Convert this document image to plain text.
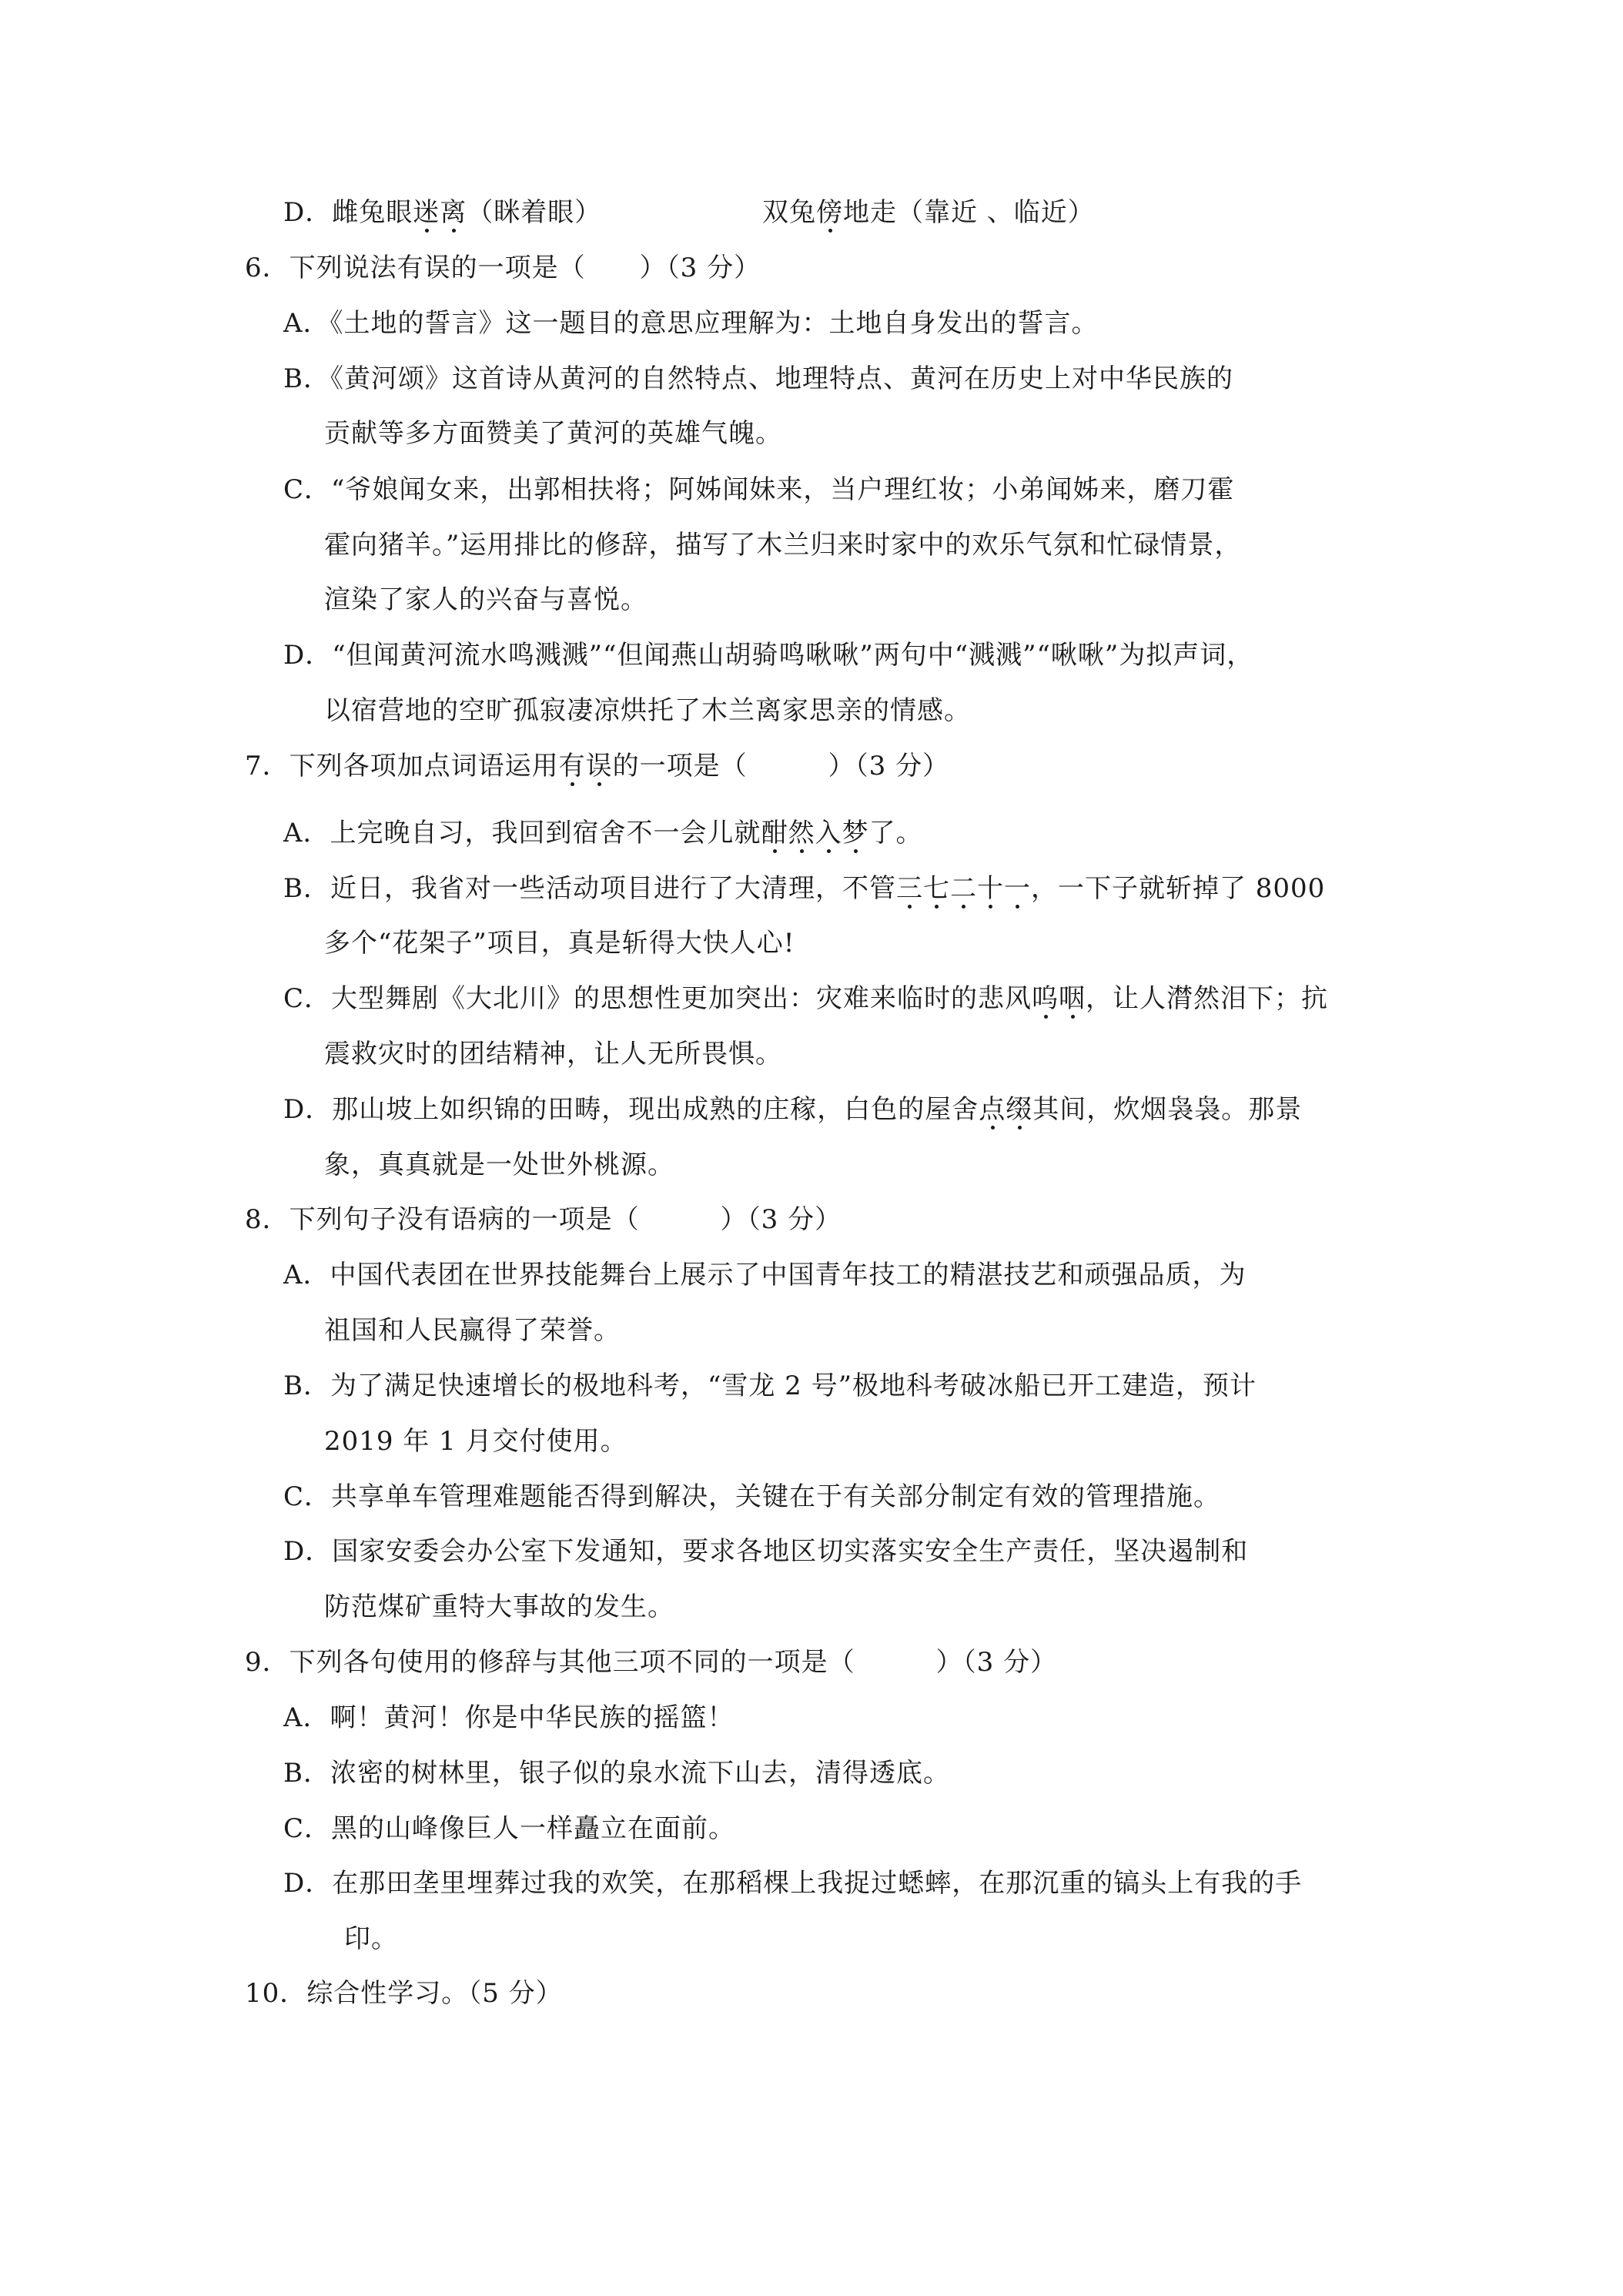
D．雌兔眼迷离（眯着眼）	双兔傍地走（靠近 、临近）
6．下列说法有误的一项是（　　）（3 分）
A．《土地的誓言》这一题目的意思应理解为：土地自身发出的誓言。
B．《黄河颂》这首诗从黄河的自然特点、地理特点、黄河在历史上对中华民族的
贡献等多方面赞美了黄河的英雄气魄。
C．“爷娘闻女来，出郭相扶将；阿姊闻妹来，当户理红妆；小弟闻姊来，磨刀霍
霍向猪羊。”运用排比的修辞，描写了木兰归来时家中的欢乐气氛和忙碌情景，
渲染了家人的兴奋与喜悦。
D．“但闻黄河流水鸣溅溅”“但闻燕山胡骑鸣啾啾”两句中“溅溅”“啾啾”为拟声词，
以宿营地的空旷孤寂凄凉烘托了木兰离家思亲的情感。
7．下列各项加点词语运用有误的一项是（　　　）（3 分）
A．上完晚自习，我回到宿舍不一会儿就酣然入梦了。
B．近日，我省对一些活动项目进行了大清理，不管三七二十一，一下子就斩掉了 8000
多个“花架子”项目，真是斩得大快人心!
C．大型舞剧《大北川》的思想性更加突出：灾难来临时的悲风呜咽，让人潸然泪下；抗
震救灾时的团结精神，让人无所畏惧。
D．那山坡上如织锦的田畴，现出成熟的庄稼，白色的屋舍点缀其间，炊烟袅袅。那景
象，真真就是一处世外桃源。
8．下列句子没有语病的一项是（　　　）（3 分）
A．中国代表团在世界技能舞台上展示了中国青年技工的精湛技艺和顽强品质，为
祖国和人民赢得了荣誉。
B．为了满足快速增长的极地科考，“雪龙 2 号”极地科考破冰船已开工建造，预计
2019 年 1 月交付使用。
C．共享单车管理难题能否得到解决，关键在于有关部分制定有效的管理措施。
D．国家安委会办公室下发通知，要求各地区切实落实安全生产责任，坚决遏制和
防范煤矿重特大事故的发生。
9．下列各句使用的修辞与其他三项不同的一项是（　　　）（3 分）
A．啊！黄河！你是中华民族的摇篮！
B．浓密的树林里，银子似的泉水流下山去，清得透底。
C．黑的山峰像巨人一样矗立在面前。
D．在那田垄里埋葬过我的欢笑，在那稻棵上我捉过蟋蟀，在那沉重的镐头上有我的手
印。
10．综合性学习。（5 分）
